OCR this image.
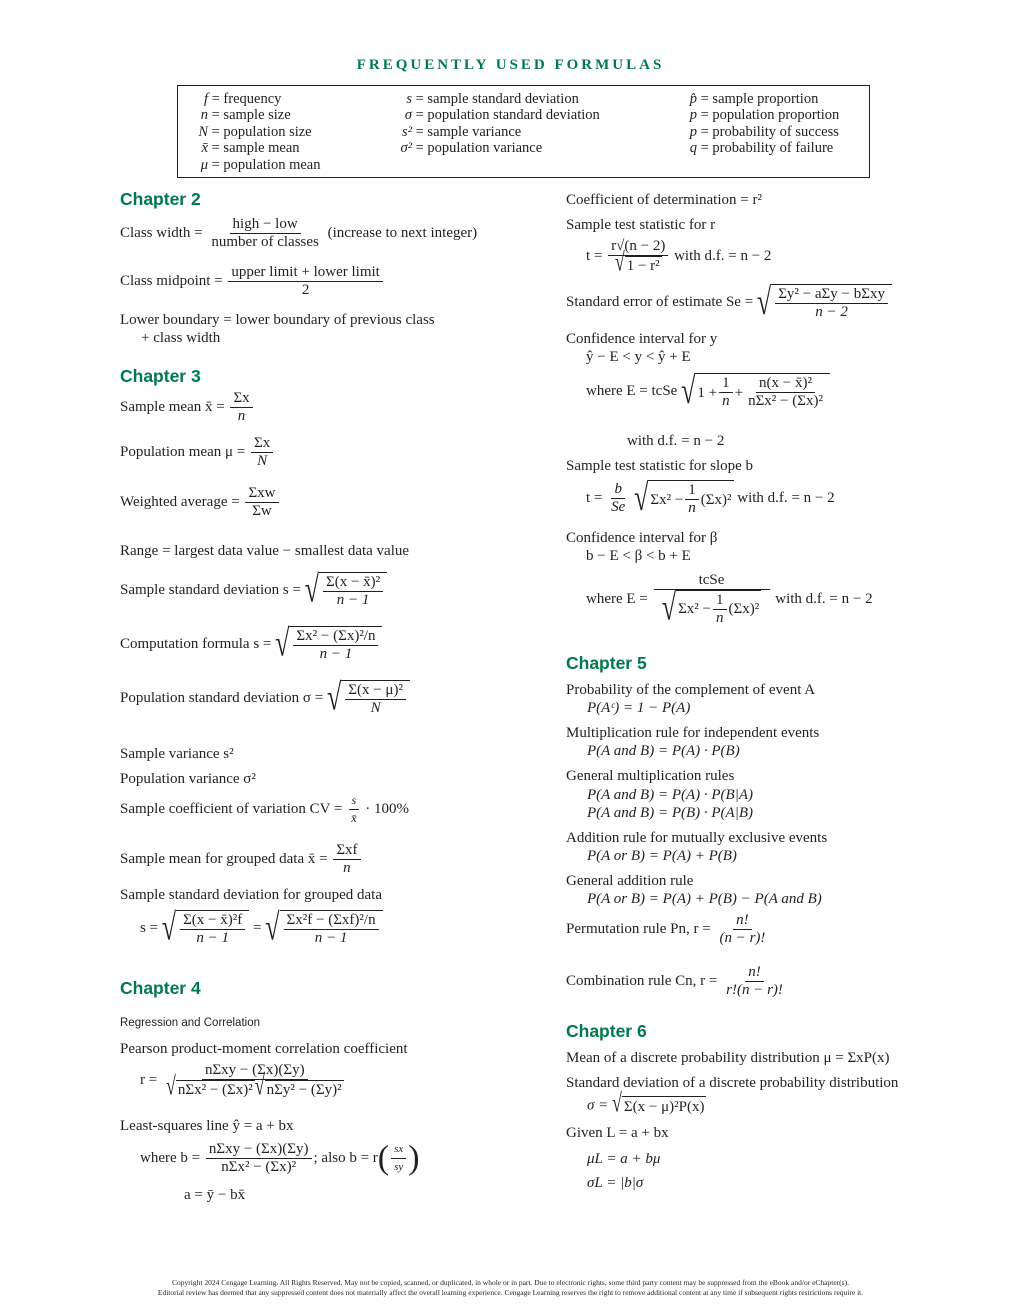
FREQUENTLY USED FORMULAS
f = frequency
n = sample size
N = population size
x̄ = sample mean
μ = population mean
s = sample standard deviation
σ = population standard deviation
s² = sample variance
σ² = population variance
p̂ = sample proportion
p = population proportion
p = probability of success
q = probability of failure
Chapter 2
Class width = $\frac{\text{high − low}}{\text{number of classes}}$ (increase to next integer)
Class midpoint = $\frac{\text{upper limit + lower limit}}{2}$
Lower boundary = lower boundary of previous class
+ class width
Chapter 3
Sample mean x̄ = $\frac{\Sigma x}{n}$
Population mean $\mu = \frac{\Sigma x}{N}$
Weighted average = $\frac{\text{Σxw}}{\Sigma w}$
Range = largest data value − smallest data value
Sample standard deviation s = √ $\frac{\text{Σ(x − x̄)²}}{n - 1}$
Computation formula s = √ $\frac{\text{Σx² − (Σx)²/n}}{n - 1}$
Population standard deviation σ = √ $\frac{\text{Σ(x − μ)²}}{N}$
Sample variance s²
Population variance σ²
Sample coefficient of variation CV = $\frac{s}{x̄} \cdot 100\%$
Sample mean for grouped data x̄ = $\frac{\text{Σxf}}{n}$
Sample standard deviation for grouped data
s = √ $\frac{\text{Σ(x − x̄)²f}}{n - 1}$ = √ $\frac{\text{Σx²f − (Σxf)²/n}}{n - 1}$
Chapter 4
Regression and Correlation
Pearson product-moment correlation coefficient
$r = \frac{\text{nΣxy − (Σx)(Σy)}}{\text{√ nΣx² − (Σx)² √ nΣy² − (Σy)²}}$
Least-squares line ŷ = a + bx
where $b = \frac{\text{nΣxy − (Σx)(Σy)}}{\text{nΣx² − (Σx)²}}$ ; also $b = r( \frac{sx}{sy}$ )
a = ȳ − bx̄
Coefficient of determination = r²
Sample test statistic for r
$t = \frac{r√(n - 2)}{\text{√ 1 − r²}}$ with d.f. = n − 2
Standard error of estimate Se = √ $\frac{\text{Σy² − aΣy − bΣxy}}{n - 2}$
Confidence interval for y
ŷ − E < y < ŷ + E
where E = tcSe √ $1 + \frac{1}{n} + \frac{\text{n(x − x̄)²}}{\text{nΣx² − (Σx)²}}$
with d.f. = n − 2
Sample test statistic for slope b
$t = \frac{b}{Se}$
√ $\Sigma x^2 - \frac{1}{n} (\Sigma x)^2$ with d.f. = n − 2
Confidence interval for β
b − E < β < b + E
where $E = \frac{\text{tcSe}}{√ \Sigma x^2 - \frac{1}{n} (\Sigma x)^2}$ with d.f. = n − 2
Chapter 5
Probability of the complement of event A
P(Aᶜ) = 1 − P(A)
Multiplication rule for independent events
P(A and B) = P(A) · P(B)
General multiplication rules
P(A and B) = P(A) · P(B|A)
P(A and B) = P(B) · P(A|B)
Addition rule for mutually exclusive events
P(A or B) = P(A) + P(B)
General addition rule
P(A or B) = P(A) + P(B) − P(A and B)
Permutation rule Pn, $r = \frac{n!}{(n - r)!}$
Combination rule Cn, $r = \frac{n!}{r!(n - r)!}$
Chapter 6
Mean of a discrete probability distribution μ = ΣxP(x)
Standard deviation of a discrete probability distribution
σ = √ Σ(x − μ)²P(x)
Given L = a + bx
μL = a + bμ
σL = |b|σ
Copyright 2024 Cengage Learning. All Rights Reserved. May not be copied, scanned, or duplicated, in whole or in part. Due to electronic rights, some third party content may be suppressed from the eBook and/or eChapter(s).
Editorial review has deemed that any suppressed content does not materially affect the overall learning experience. Cengage Learning reserves the right to remove additional content at any time if subsequent rights restrictions require it.
